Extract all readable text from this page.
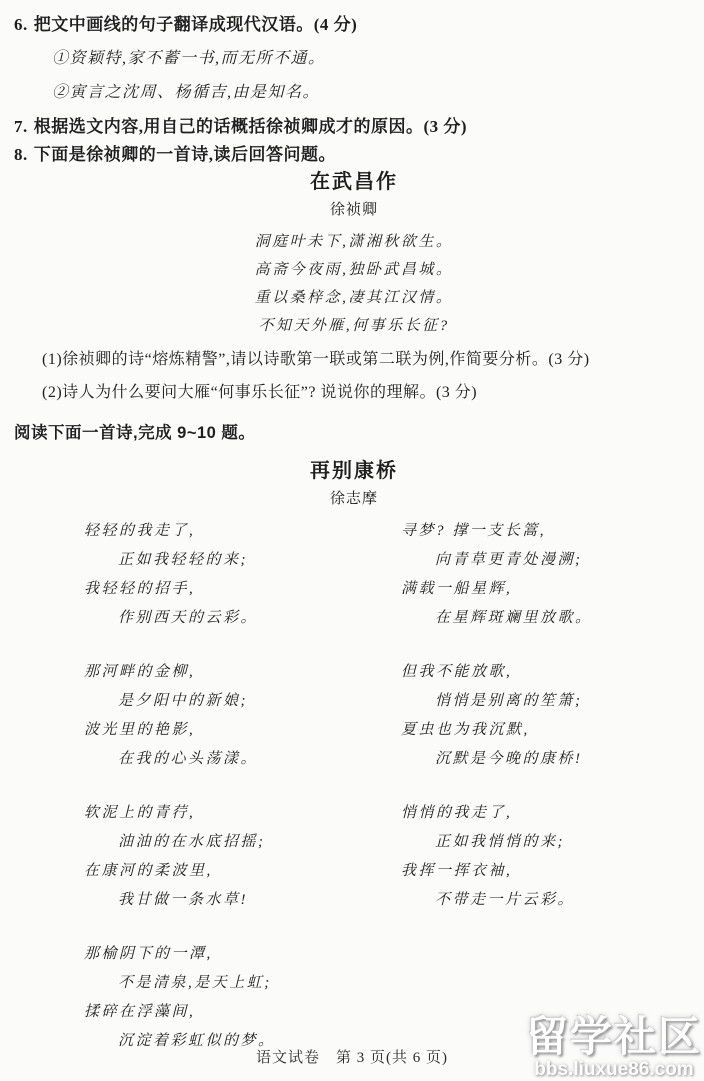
6. 把文中画线的句子翻译成现代汉语。(4 分)
①资颖特,家不蓄一书,而无所不通。
②寅言之沈周、杨循吉,由是知名。
7. 根据选文内容,用自己的话概括徐祯卿成才的原因。(3 分)
8. 下面是徐祯卿的一首诗,读后回答问题。
在武昌作
徐祯卿
洞庭叶未下,潇湘秋欲生。
高斋今夜雨,独卧武昌城。
重以桑梓念,凄其江汉情。
不知天外雁,何事乐长征?
(1)徐祯卿的诗“熔炼精警”,请以诗歌第一联或第二联为例,作简要分析。(3 分)
(2)诗人为什么要问大雁“何事乐长征”? 说说你的理解。(3 分)
阅读下面一首诗,完成 9~10 题。
再别康桥
徐志摩
轻轻的我走了,
正如我轻轻的来;
我轻轻的招手,
作别西天的云彩。
那河畔的金柳,
是夕阳中的新娘;
波光里的艳影,
在我的心头荡漾。
软泥上的青荇,
油油的在水底招摇;
在康河的柔波里,
我甘做一条水草!
那榆阴下的一潭,
不是清泉,是天上虹;
揉碎在浮藻间,
沉淀着彩虹似的梦。
寻梦? 撑一支长篙,
向青草更青处漫溯;
满载一船星辉,
在星辉斑斓里放歌。
但我不能放歌,
悄悄是别离的笙箫;
夏虫也为我沉默,
沉默是今晚的康桥!
悄悄的我走了,
正如我悄悄的来;
我挥一挥衣袖,
不带走一片云彩。
语文试卷　第 3 页(共 6 页)	留学社区
bbs.liuxue86.com
